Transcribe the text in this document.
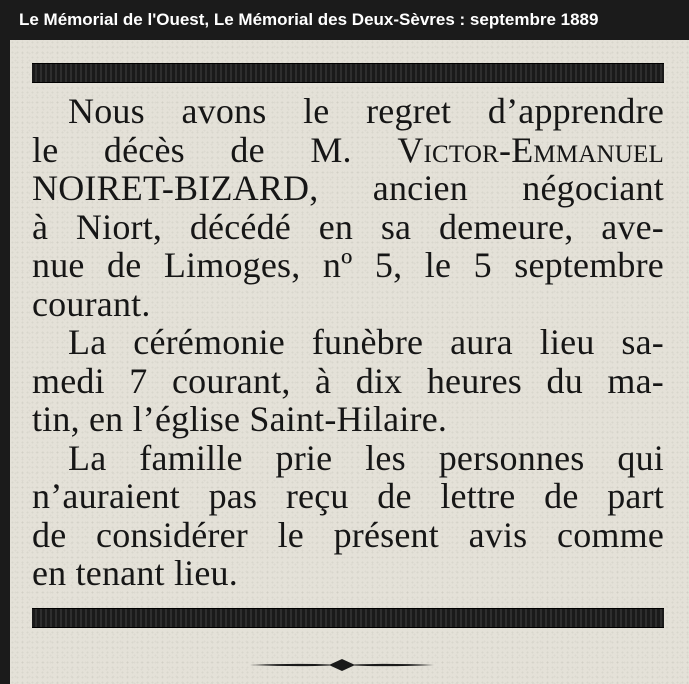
Le Mémorial de l'Ouest, Le Mémorial des Deux-Sèvres : septembre 1889
Nous avons le regret d’apprendre
le décès de M. Victor-Emmanuel
NOIRET-BIZARD, ancien négociant
à Niort, décédé en sa demeure, ave-
nue de Limoges, nº 5, le 5 septembre
courant.
La cérémonie funèbre aura lieu sa-
medi 7 courant, à dix heures du ma-
tin, en l’église Saint-Hilaire.
La famille prie les personnes qui
n’auraient pas reçu de lettre de part
de considérer le présent avis comme
en tenant lieu.
